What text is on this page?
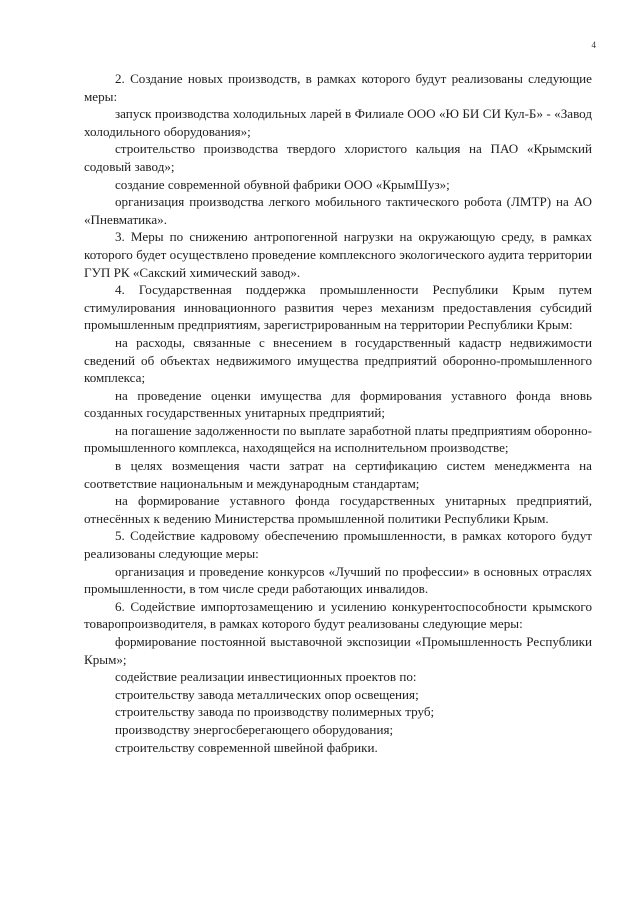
4

2. Создание новых производств, в рамках которого будут реализованы следующие меры:

запуск производства холодильных ларей в Филиале ООО «Ю БИ СИ Кул-Б» - «Завод холодильного оборудования»;

строительство производства твердого хлористого кальция на ПАО «Крымский содовый завод»;

создание современной обувной фабрики ООО «КрымШуз»;

организация производства легкого мобильного тактического робота (ЛМТР) на АО «Пневматика».

3. Меры по снижению антропогенной нагрузки на окружающую среду, в рамках которого будет осуществлено проведение комплексного экологического аудита территории ГУП РК «Сакский химический завод».

4. Государственная поддержка промышленности Республики Крым путем стимулирования инновационного развития через механизм предоставления субсидий промышленным предприятиям, зарегистрированным на территории Республики Крым:

на расходы, связанные с внесением в государственный кадастр недвижимости сведений об объектах недвижимого имущества предприятий оборонно-промышленного комплекса;

на проведение оценки имущества для формирования уставного фонда вновь созданных государственных унитарных предприятий;

на погашение задолженности по выплате заработной платы предприятиям оборонно-промышленного комплекса, находящейся на исполнительном производстве;

в целях возмещения части затрат на сертификацию систем менеджмента на соответствие национальным и международным стандартам;

на формирование уставного фонда государственных унитарных предприятий, отнесённых к ведению Министерства промышленной политики Республики Крым.

5. Содействие кадровому обеспечению промышленности, в рамках которого будут реализованы следующие меры:

организация и проведение конкурсов «Лучший по профессии» в основных отраслях промышленности, в том числе среди работающих инвалидов.

6. Содействие импортозамещению и усилению конкурентоспособности крымского товаропроизводителя, в рамках которого будут реализованы следующие меры:

формирование постоянной выставочной экспозиции «Промышленность Республики Крым»;

содействие реализации инвестиционных проектов по:

строительству завода металлических опор освещения;

строительству завода по производству полимерных труб;

производству энергосберегающего оборудования;

строительству современной швейной фабрики.
